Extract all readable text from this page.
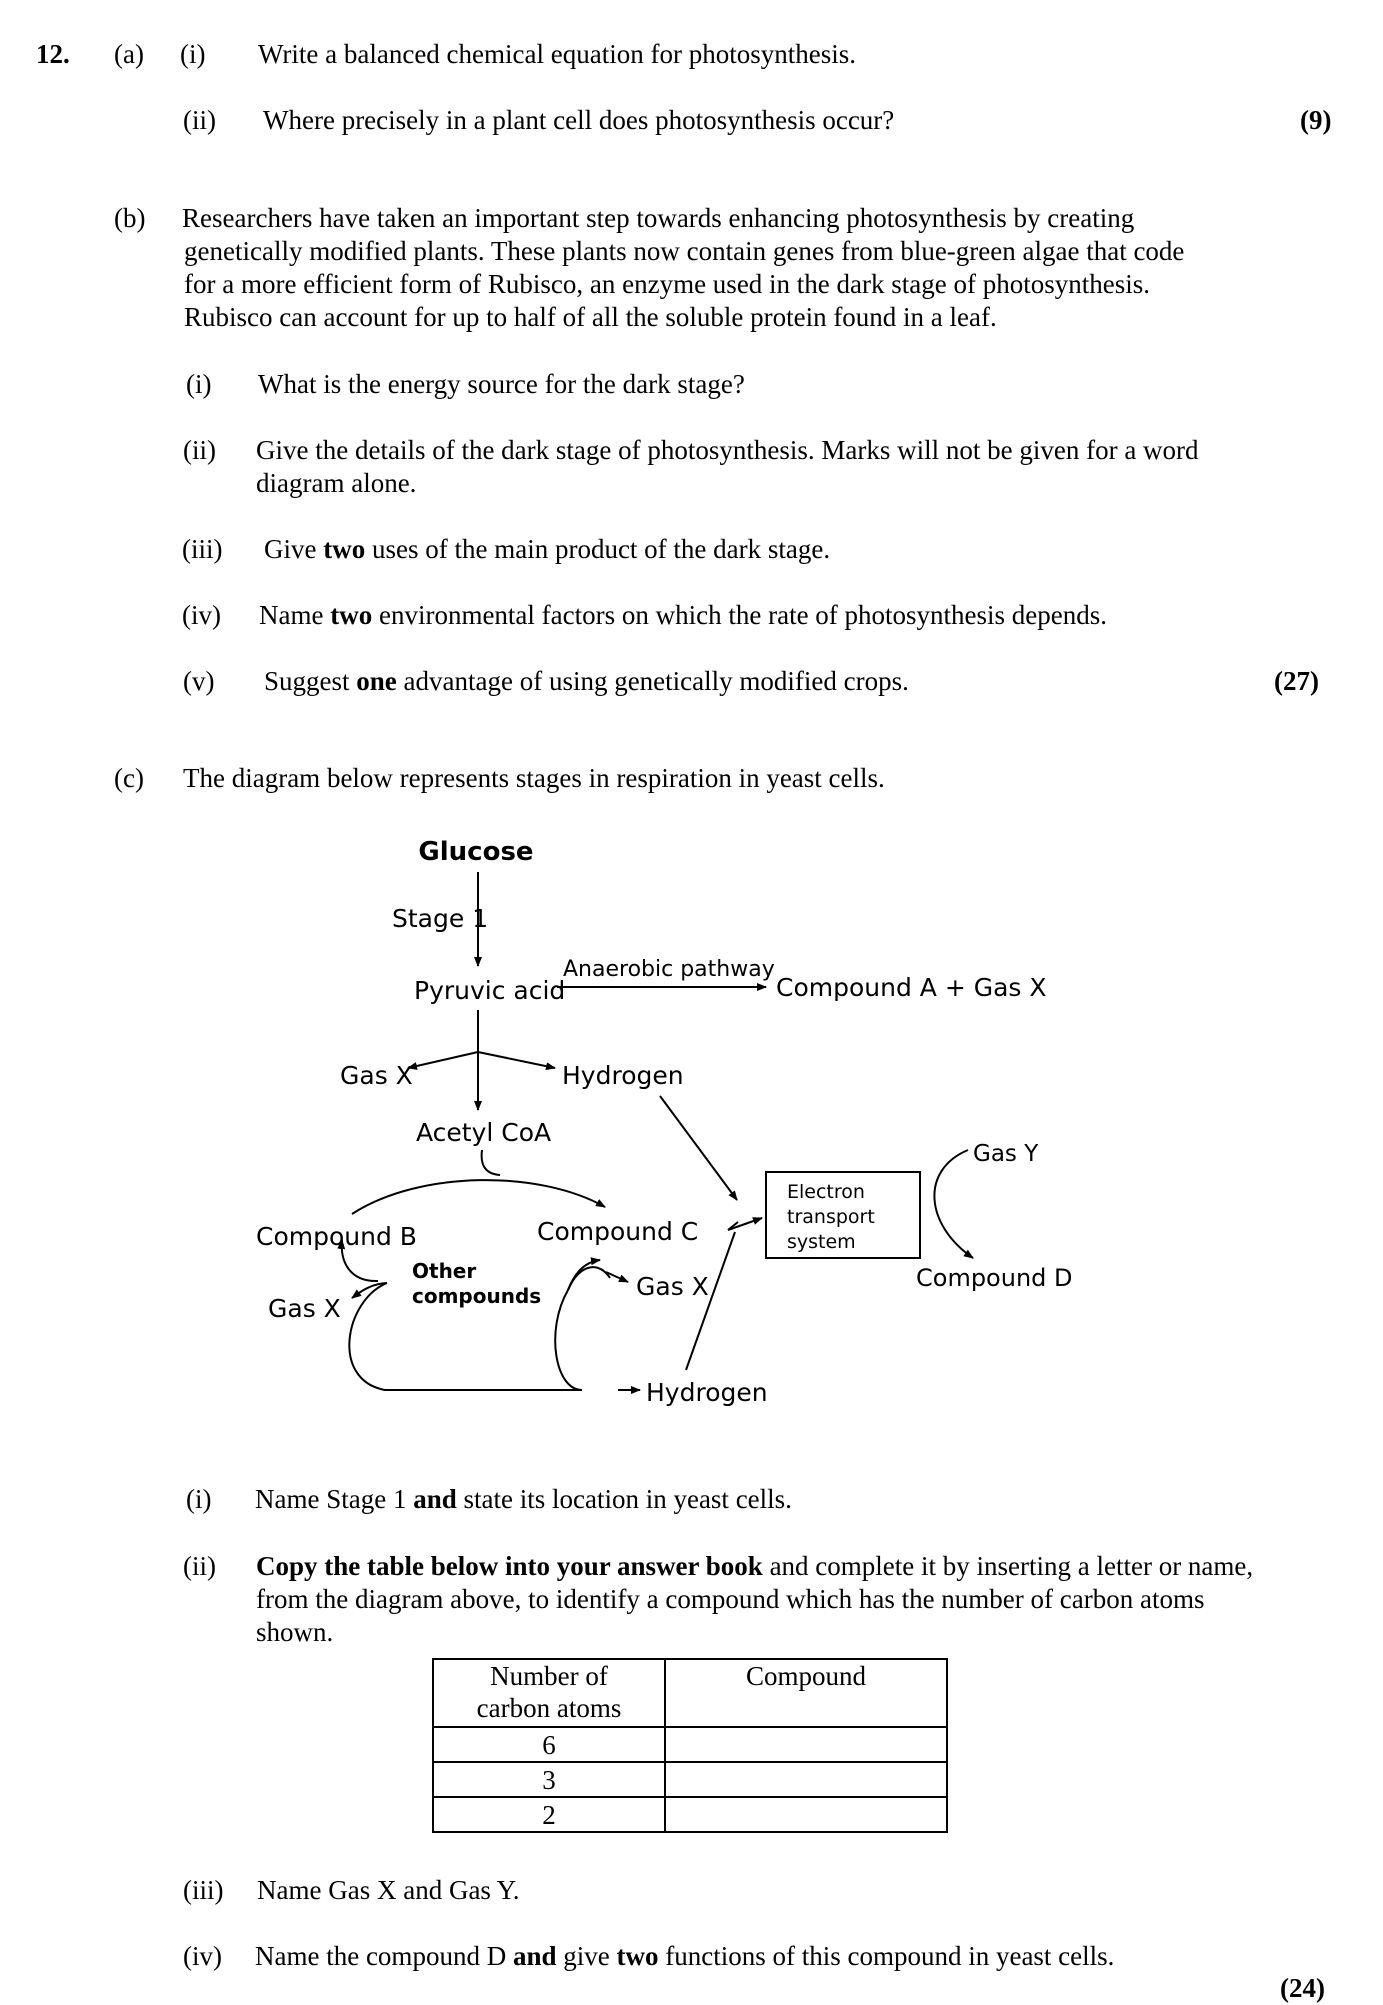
12. (a) (i) Write a balanced chemical equation for photosynthesis.
(ii) Where precisely in a plant cell does photosynthesis occur?	(9)
(b) Researchers have taken an important step towards enhancing photosynthesis by creating
genetically modified plants. These plants now contain genes from blue-green algae that code
for a more efficient form of Rubisco, an enzyme used in the dark stage of photosynthesis.
Rubisco can account for up to half of all the soluble protein found in a leaf.
(i) What is the energy source for the dark stage?
(ii) Give the details of the dark stage of photosynthesis. Marks will not be given for a word
diagram alone.
(iii) Give two uses of the main product of the dark stage.
(iv) Name two environmental factors on which the rate of photosynthesis depends.
(v) Suggest one advantage of using genetically modified crops.	(27)
(c) The diagram below represents stages in respiration in yeast cells.
Glucose
Stage 1
Pyruvic acid
Anaerobic pathway
Compound A + Gas X
Gas X	Hydrogen
Acetyl CoA
Gas Y
Electron
transport
system
Compound B	Compound C
Compound D
Other
compounds
Gas X
Gas X
Hydrogen
(i) Name Stage 1 and state its location in yeast cells.
(ii) Copy the table below into your answer book and complete it by inserting a letter or name,
from the diagram above, to identify a compound which has the number of carbon atoms
shown.
Number of
carbon atoms	Compound
6	
3	
2	
(iii) Name Gas X and Gas Y.
(iv) Name the compound D and give two functions of this compound in yeast cells.
(24)
